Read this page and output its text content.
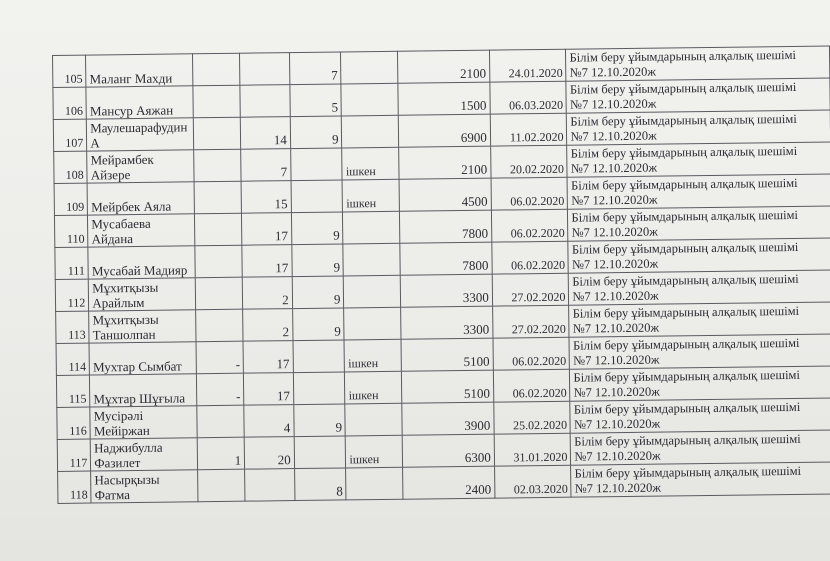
105	Маланг Махди			7		2100	24.01.2020	Білім беру ұйымдарының алқалық шешімі
№7 12.10.2020ж

106	Мансур Аяжан			5		1500	06.03.2020	Білім беру ұйымдарының алқалық шешімі
№7 12.10.2020ж

107	Маулешарафудин
А		14	9		6900	11.02.2020	Білім беру ұйымдарының алқалық шешімі
№7 12.10.2020ж

108	Мейрамбек
Айзере		7		ішкен	2100	20.02.2020	Білім беру ұйымдарының алқалық шешімі
№7 12.10.2020ж

109	Мейрбек Аяла		15		ішкен	4500	06.02.2020	Білім беру ұйымдарының алқалық шешімі
№7 12.10.2020ж

110	Мусабаева
Айдана		17	9		7800	06.02.2020	Білім беру ұйымдарының алқалық шешімі
№7 12.10.2020ж

111	Мусабай Мадияр		17	9		7800	06.02.2020	Білім беру ұйымдарының алқалық шешімі
№7 12.10.2020ж

112	Мұхитқызы
Арайлым		2	9		3300	27.02.2020	Білім беру ұйымдарының алқалық шешімі
№7 12.10.2020ж

113	Мұхитқызы
Таншолпан		2	9		3300	27.02.2020	Білім беру ұйымдарының алқалық шешімі
№7 12.10.2020ж

114	Мухтар Сымбат	-	17		ішкен	5100	06.02.2020	Білім беру ұйымдарының алқалық шешімі
№7 12.10.2020ж

115	Мұхтар Шұғыла	-	17		ішкен	5100	06.02.2020	Білім беру ұйымдарының алқалық шешімі
№7 12.10.2020ж

116	Мусірәлі
Мейіржан		4	9		3900	25.02.2020	Білім беру ұйымдарының алқалық шешімі
№7 12.10.2020ж

117	Наджибулла
Фазилет	1	20		ішкен	6300	31.01.2020	Білім беру ұйымдарының алқалық шешімі
№7 12.10.2020ж

118	Насырқызы
Фатма			8		2400	02.03.2020	Білім беру ұйымдарының алқалық шешімі
№7 12.10.2020ж
